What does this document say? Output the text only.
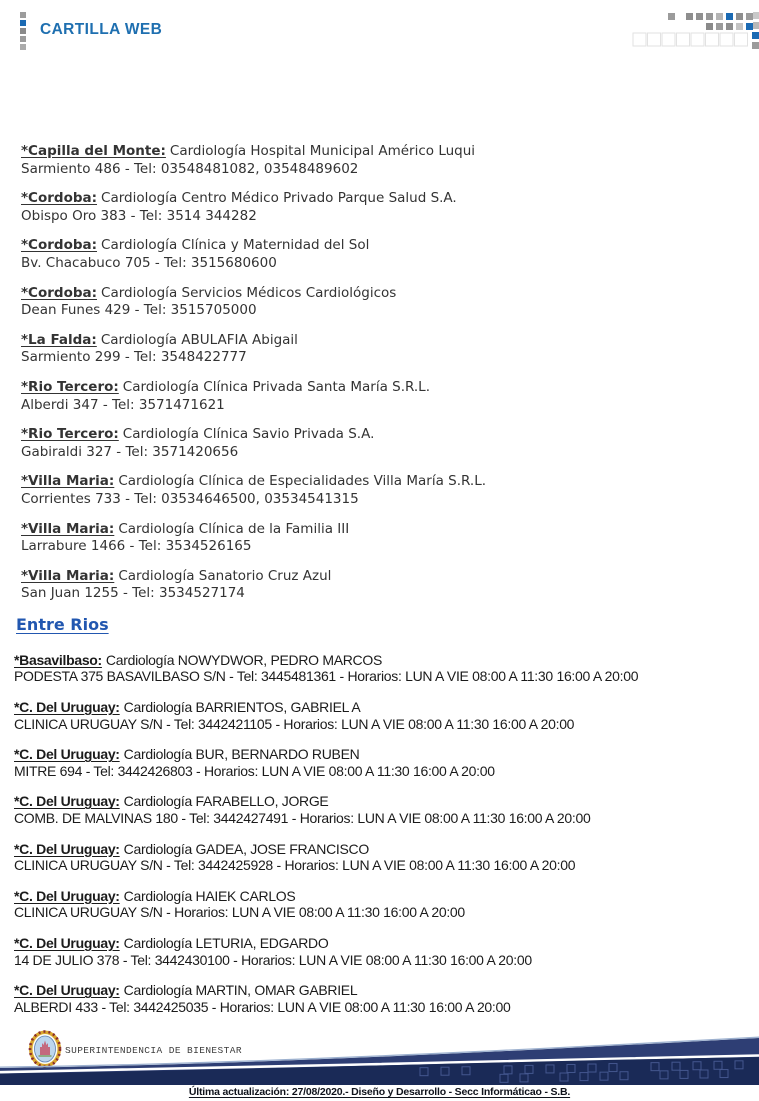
CARTILLA WEB

*Capilla del Monte: Cardiología Hospital Municipal Américo Luqui
Sarmiento 486 - Tel: 03548481082, 03548489602

*Cordoba: Cardiología Centro Médico Privado Parque Salud S.A.
Obispo Oro 383 - Tel: 3514 344282

*Cordoba: Cardiología Clínica y Maternidad del Sol
Bv. Chacabuco 705 - Tel: 3515680600

*Cordoba: Cardiología Servicios Médicos Cardiológicos
Dean Funes 429 - Tel: 3515705000

*La Falda: Cardiología ABULAFIA Abigail
Sarmiento 299 - Tel: 3548422777

*Rio Tercero: Cardiología Clínica Privada Santa María S.R.L.
Alberdi 347 - Tel: 3571471621

*Rio Tercero: Cardiología Clínica Savio Privada S.A.
Gabiraldi 327 - Tel: 3571420656

*Villa Maria: Cardiología Clínica de Especialidades Villa María S.R.L.
Corrientes 733 - Tel: 03534646500, 03534541315

*Villa Maria: Cardiología Clínica de la Familia III
Larrabure 1466 - Tel: 3534526165

*Villa Maria: Cardiología Sanatorio Cruz Azul
San Juan 1255 - Tel: 3534527174

Entre Rios

*Basavilbaso: Cardiología NOWYDWOR, PEDRO MARCOS
PODESTA 375 BASAVILBASO S/N - Tel: 3445481361 - Horarios: LUN A VIE 08:00 A 11:30 16:00 A 20:00

*C. Del Uruguay: Cardiología BARRIENTOS, GABRIEL A
CLINICA URUGUAY S/N - Tel: 3442421105 - Horarios: LUN A VIE 08:00 A 11:30 16:00 A 20:00

*C. Del Uruguay: Cardiología BUR, BERNARDO RUBEN
MITRE 694 - Tel: 3442426803 - Horarios: LUN A VIE 08:00 A 11:30 16:00 A 20:00

*C. Del Uruguay: Cardiología FARABELLO, JORGE
COMB. DE MALVINAS 180 - Tel: 3442427491 - Horarios: LUN A VIE 08:00 A 11:30 16:00 A 20:00

*C. Del Uruguay: Cardiología GADEA, JOSE FRANCISCO
CLINICA URUGUAY S/N - Tel: 3442425928 - Horarios: LUN A VIE 08:00 A 11:30 16:00 A 20:00

*C. Del Uruguay: Cardiología HAIEK CARLOS
CLINICA URUGUAY S/N - Horarios: LUN A VIE 08:00 A 11:30 16:00 A 20:00

*C. Del Uruguay: Cardiología LETURIA, EDGARDO
14 DE JULIO 378 - Tel: 3442430100 - Horarios: LUN A VIE 08:00 A 11:30 16:00 A 20:00

*C. Del Uruguay: Cardiología MARTIN, OMAR GABRIEL
ALBERDI 433 - Tel: 3442425035 - Horarios: LUN A VIE 08:00 A 11:30 16:00 A 20:00

SUPERINTENDENCIA DE BIENESTAR
Última actualización: 27/08/2020.- Diseño y Desarrollo - Secc Informáticao - S.B.
